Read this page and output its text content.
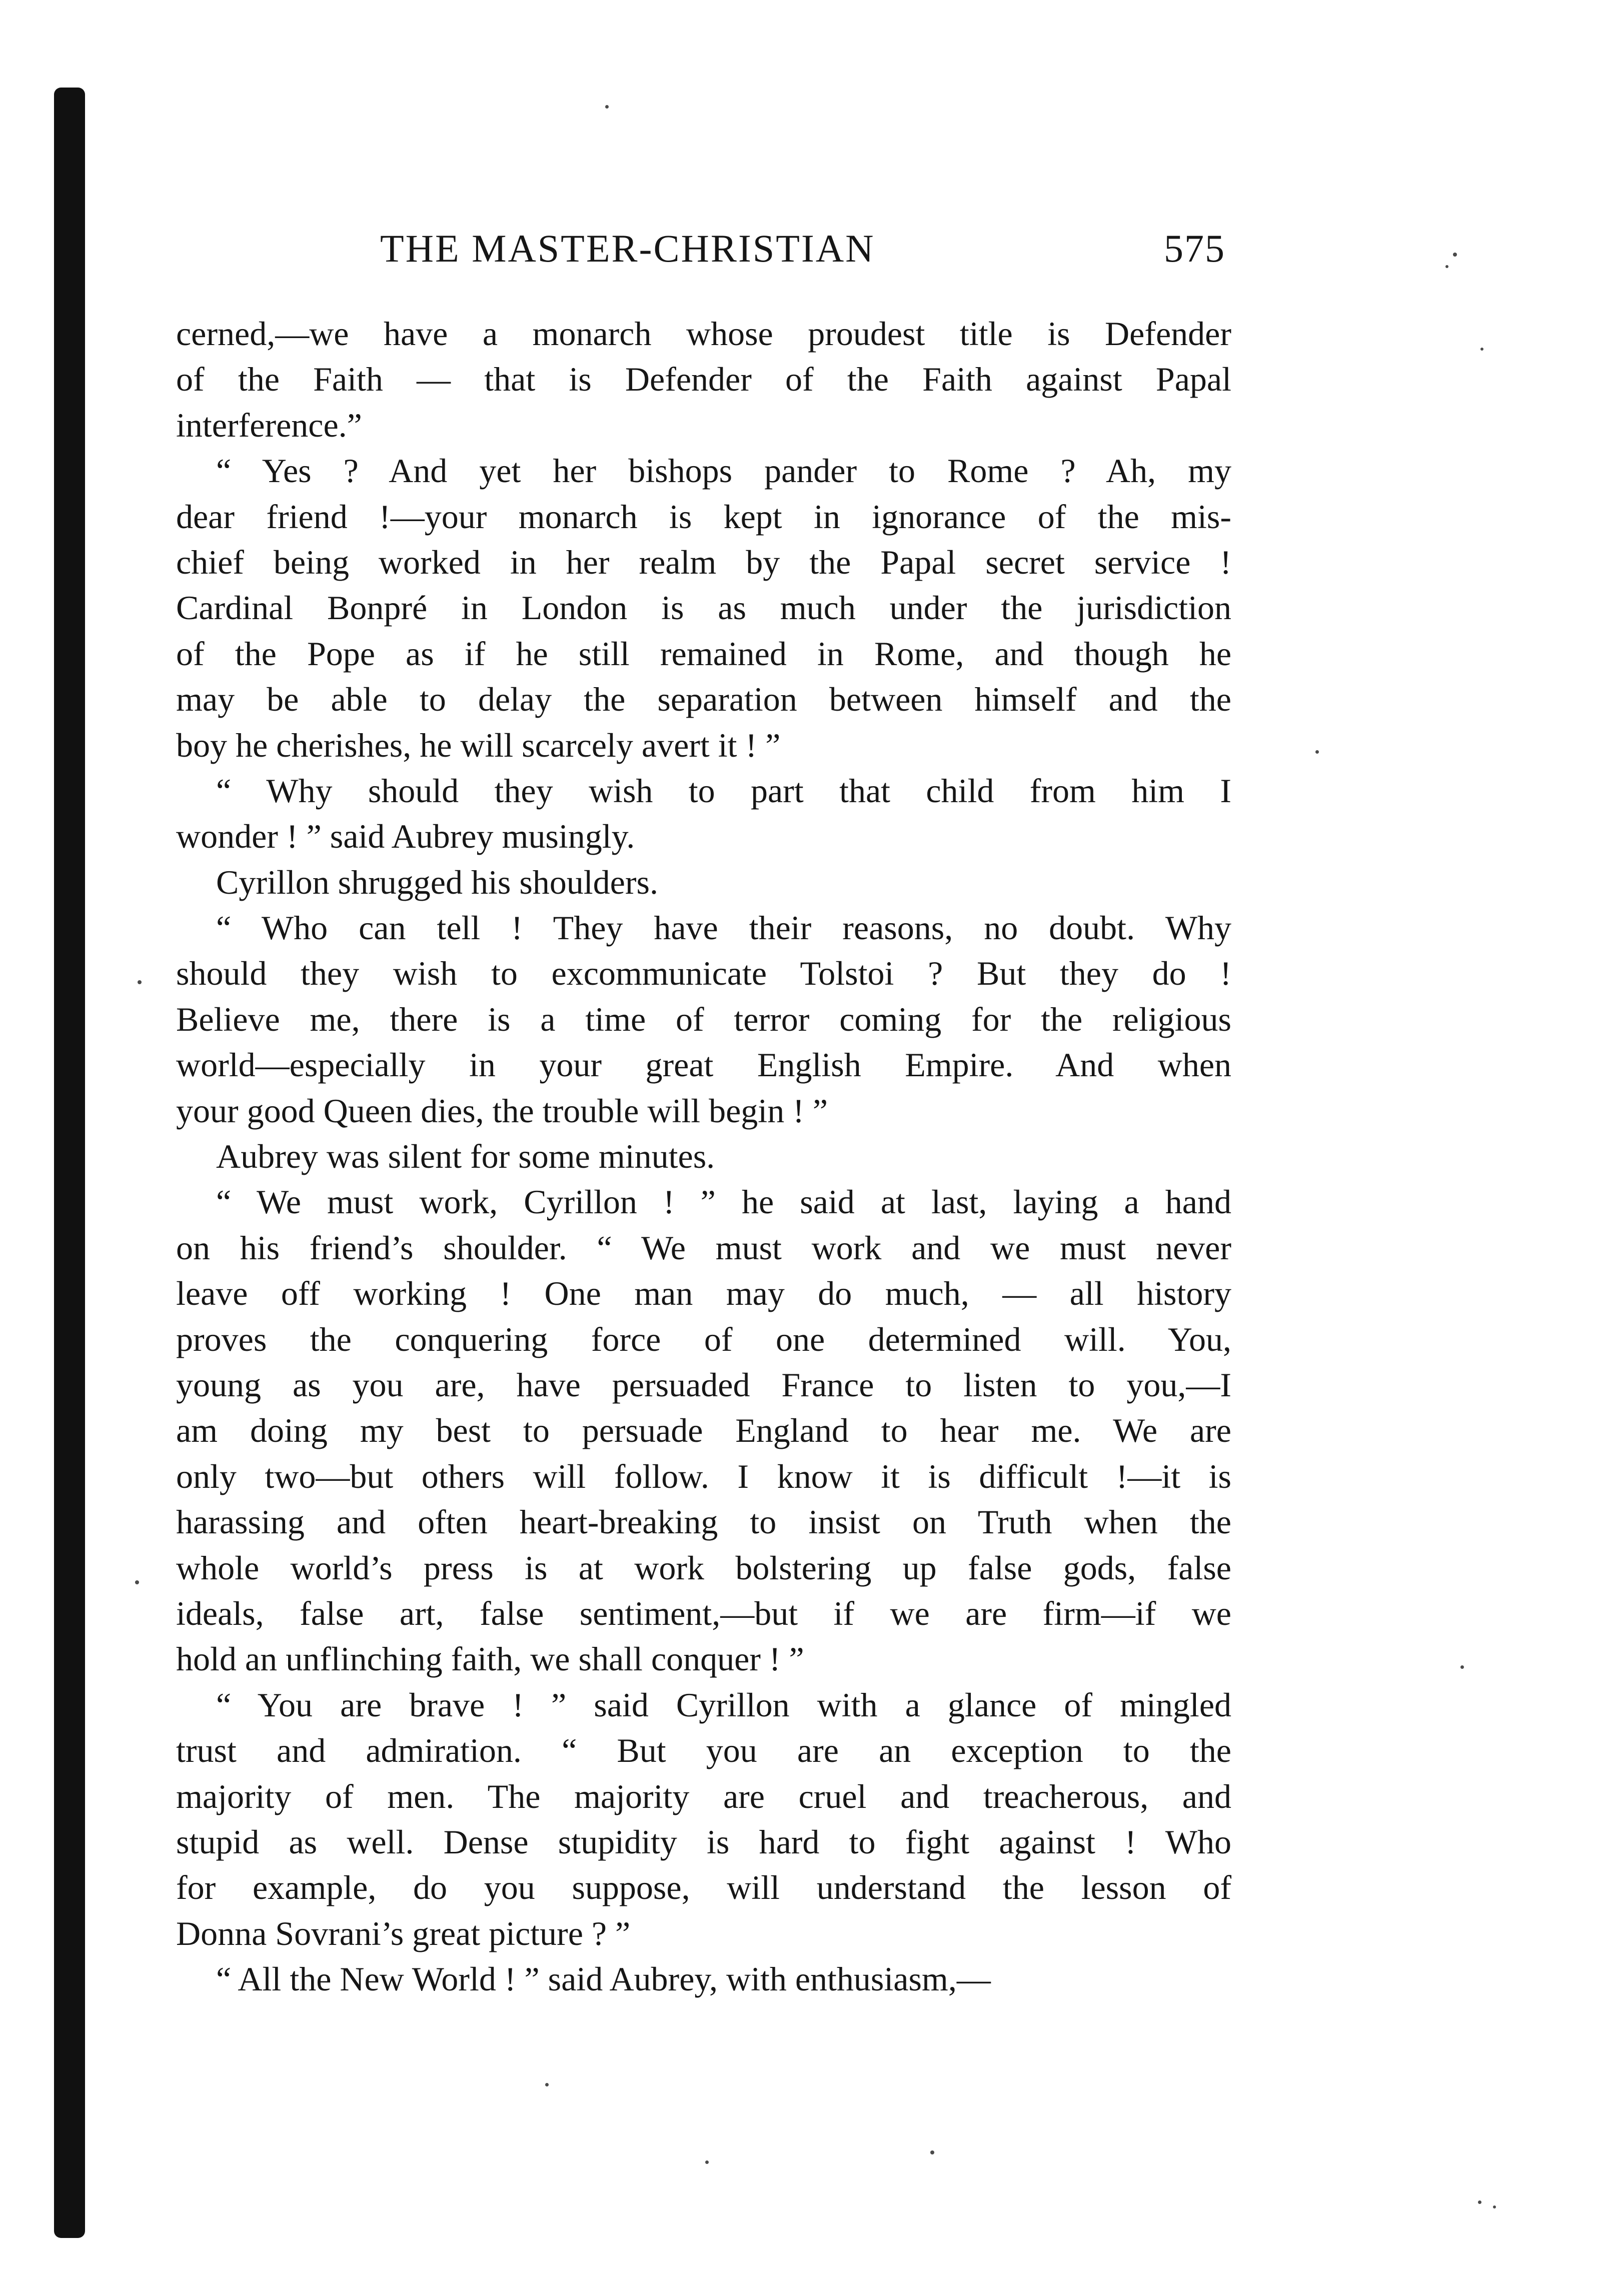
THE MASTER-CHRISTIAN	575
cerned,—we have a monarch whose proudest title is Defender
of the Faith — that is Defender of the Faith against Papal
interference.”
“ Yes ? And yet her bishops pander to Rome ? Ah, my
dear friend !—your monarch is kept in ignorance of the mis-
chief being worked in her realm by the Papal secret service !
Cardinal Bonpré in London is as much under the jurisdiction
of the Pope as if he still remained in Rome, and though he
may be able to delay the separation between himself and the
boy he cherishes, he will scarcely avert it ! ”
“ Why should they wish to part that child from him I
wonder ! ” said Aubrey musingly.
Cyrillon shrugged his shoulders.
“ Who can tell ! They have their reasons, no doubt. Why
should they wish to excommunicate Tolstoi ? But they do !
Believe me, there is a time of terror coming for the religious
world—especially in your great English Empire. And when
your good Queen dies, the trouble will begin ! ”
Aubrey was silent for some minutes.
“ We must work, Cyrillon ! ” he said at last, laying a hand
on his friend’s shoulder. “ We must work and we must never
leave off working ! One man may do much, — all history
proves the conquering force of one determined will. You,
young as you are, have persuaded France to listen to you,—I
am doing my best to persuade England to hear me. We are
only two—but others will follow. I know it is difficult !—it is
harassing and often heart-breaking to insist on Truth when the
whole world’s press is at work bolstering up false gods, false
ideals, false art, false sentiment,—but if we are firm—if we
hold an unflinching faith, we shall conquer ! ”
“ You are brave ! ” said Cyrillon with a glance of mingled
trust and admiration. “ But you are an exception to the
majority of men. The majority are cruel and treacherous, and
stupid as well. Dense stupidity is hard to fight against ! Who
for example, do you suppose, will understand the lesson of
Donna Sovrani’s great picture ? ”
“ All the New World ! ” said Aubrey, with enthusiasm,—
